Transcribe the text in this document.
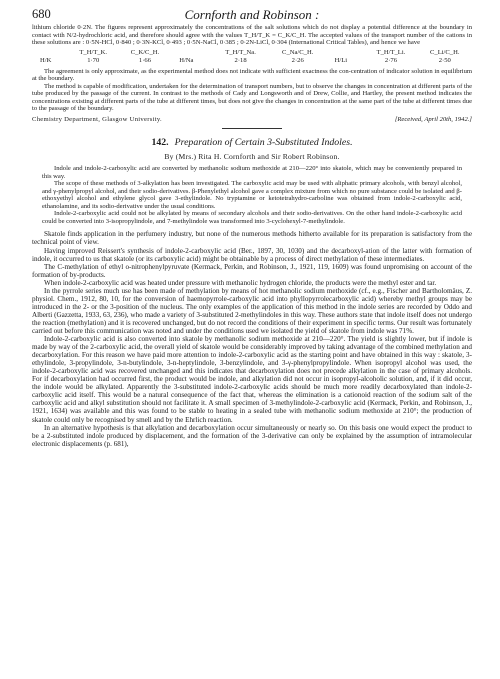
680	Cornforth and Robinson :

lithium chloride 0·2N. The figures represent approximately the concentrations of the salt solutions which do not display a potential difference at the boundary in contact with N/2-hydrochloric acid, and therefore should agree with the values T_H/T_K = C_K/C_H. The accepted values of the transport number of the cations in these solutions are : 0·5N-HCl, 0·840 ; 0·3N-KCl, 0·493 ; 0·5N-NaCl, 0·385 ; 0·2N-LiCl, 0·304 (International Critical Tables), and hence we have

	T_H/T_K.	C_K/C_H.		T_H/T_Na.	C_Na/C_H.		T_H/T_Li.	C_Li/C_H.
H/K	1·70	1·66	H/Na	2·18	2·26	H/Li	2·76	2·50

The agreement is only approximate, as the experimental method does not indicate with sufficient exactness the con-centration of indicator solution in equilibrium at the boundary.

The method is capable of modification, undertaken for the determination of transport numbers, but to observe the changes in concentration at different parts of the tube produced by the passage of the current. In contrast to the methods of Cady and Longsworth and of Drew, Collie, and Hartley, the present method indicates the concentrations existing at different parts of the tube at different times, but does not give the changes in concentration at the same part of the tube at different times due to the passage of the boundary.

Chemistry Department, Glasgow University.	[Received, April 20th, 1942.]
142. Preparation of Certain 3-Substituted Indoles.
By (Mrs.) Rita H. Cornforth and Sir Robert Robinson.

Indole and indole-2-carboxylic acid are converted by methanolic sodium methoxide at 210—220° into skatole, which may be conveniently prepared in this way.

The scope of these methods of 3-alkylation has been investigated. The carboxylic acid may be used with aliphatic primary alcohols, with benzyl alcohol, and γ-phenylpropyl alcohol, and their sodio-derivatives. β-Phenylethyl alcohol gave a complex mixture from which no pure substance could be isolated and β-ethoxyethyl alcohol and ethylene glycol gave 3-ethylindole. No tryptamine or ketotetrahydro-carboline was obtained from indole-2-carboxylic acid, ethanolamine, and its sodio-derivative under the usual conditions.

Indole-2-carboxylic acid could not be alkylated by means of secondary alcohols and their sodio-derivatives. On the other hand indole-2-carboxylic acid could be converted into 3-isopropylindole, and 7-methylindole was transformed into 3-cyclohexyl-7-methylindole.

Skatole finds application in the perfumery industry, but none of the numerous methods hitherto available for its preparation is satisfactory from the technical point of view.

Having improved Reissert's synthesis of indole-2-carboxylic acid (Ber., 1897, 30, 1030) and the decarboxyl-ation of the latter with formation of indole, it occurred to us that skatole (or its carboxylic acid) might be obtainable by a process of direct methylation of these intermediates.

The C-methylation of ethyl o-nitrophenylpyruvate (Kermack, Perkin, and Robinson, J., 1921, 119, 1609) was found unpromising on account of the formation of by-products.

When indole-2-carboxylic acid was heated under pressure with methanolic hydrogen chloride, the products were the methyl ester and tar.

In the pyrrole series much use has been made of methylation by means of hot methanolic sodium methoxide (cf., e.g., Fischer and Bartholomäus, Z. physiol. Chem., 1912, 80, 10, for the conversion of haemopyrrole-carboxylic acid into phyllopyrrolecarboxylic acid) whereby methyl groups may be introduced in the 2- or the 3-position of the nucleus. The only examples of the application of this method in the indole series are recorded by Oddo and Alberti (Gazzetta, 1933, 63, 236), who made a variety of 3-substituted 2-methylindoles in this way. These authors state that indole itself does not undergo the reaction (methylation) and it is recovered unchanged, but do not record the conditions of their experiment in specific terms. Our result was fortunately carried out before this communication was noted and under the conditions used we isolated the yield of skatole from indole was 71%.

Indole-2-carboxylic acid is also converted into skatole by methanolic sodium methoxide at 210—220°. The yield is slightly lower, but if indole is made by way of the 2-carboxylic acid, the overall yield of skatole would be considerably improved by taking advantage of the combined methylation and decarboxylation. For this reason we have paid more attention to indole-2-carboxylic acid as the starting point and have obtained in this way : skatole, 3-ethylindole, 3-propylindole, 3-n-butylindole, 3-n-heptylindole, 3-benzylindole, and 3-γ-phenylpropylindole. When isopropyl alcohol was used, the indole-2-carboxylic acid was recovered unchanged and this indicates that decarboxylation does not precede alkylation in the case of primary alcohols. For if decarboxylation had occurred first, the product would be indole, and alkylation did not occur in isopropyl-alcoholic solution, and, if it did occur, the indole would be alkylated. Apparently the 3-substituted indole-2-carboxylic acids should be much more readily decarboxylated than indole-2-carboxylic acid itself. This would be a natural consequence of the fact that, whereas the elimination is a cationoid reaction of the sodium salt of the carboxylic acid and alkyl substitution should not facilitate it. A small specimen of 3-methylindole-2-carboxylic acid (Kermack, Perkin, and Robinson, J., 1921, 1634) was available and this was found to be stable to heating in a sealed tube with methanolic sodium methoxide at 210°; the production of skatole could only be recognised by smell and by the Ehrlich reaction.

In an alternative hypothesis is that alkylation and decarboxylation occur simultaneously or nearly so. On this basis one would expect the product to be a 2-substituted indole produced by displacement, and the formation of the 3-derivative can only be explained by the assumption of intramolecular electronic displacements (p. 681),
